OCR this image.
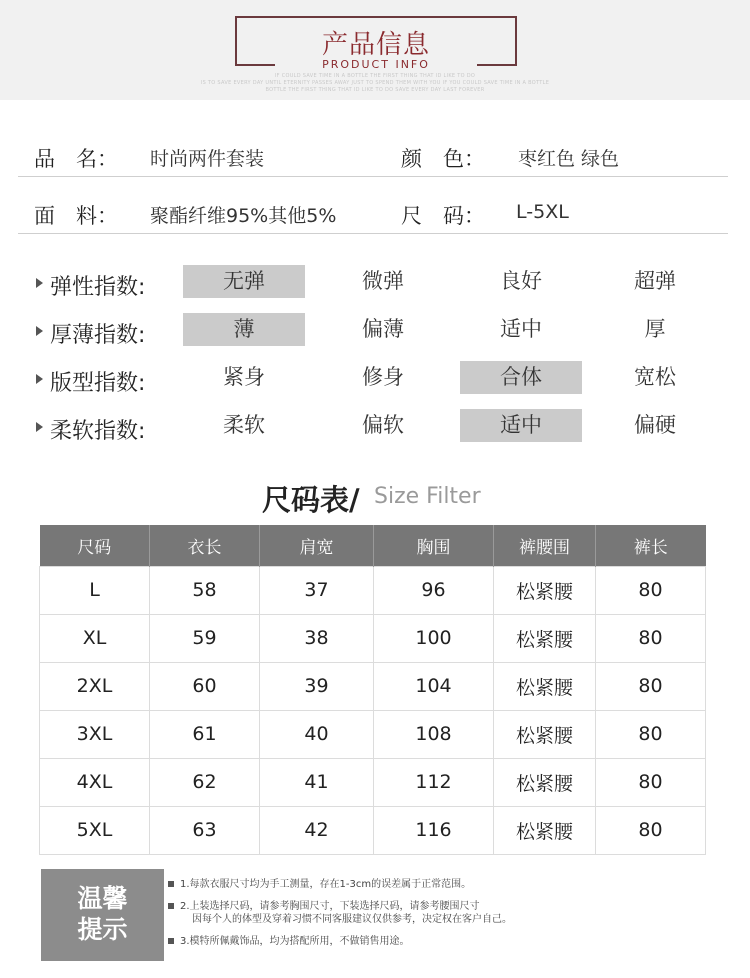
产品信息
PRODUCT INFO
IF COULD SAVE TIME IN A BOTTLE THE FIRST THING THAT ID LIKE TO DO
IS TO SAVE EVERY DAY UNTIL ETERNITY PASSES AWAY JUST TO SPEND THEM WITH YOU IF YOU COULD SAVE TIME IN A BOTTLE
BOTTLE THE FIRST THING THAT ID LIKE TO DO SAVE EVERY DAY LAST FOREVER
品　名： 时尚两件套装	颜　色： 枣红色 绿色
面　料： 聚酯纤维95%其他5%	尺　码： L-5XL
弹性指数:	无弹	微弹	良好	超弹
厚薄指数:	薄	偏薄	适中	厚
版型指数:	紧身	修身	合体	宽松
柔软指数:	柔软	偏软	适中	偏硬
尺码表/ Size Filter
尺码	衣长	肩宽	胸围	裤腰围	裤长
L	58	37	96	松紧腰	80
XL	59	38	100	松紧腰	80
2XL	60	39	104	松紧腰	80
3XL	61	40	108	松紧腰	80
4XL	62	41	112	松紧腰	80
5XL	63	42	116	松紧腰	80
温馨
提示
1.每款衣服尺寸均为手工测量，存在1-3cm的误差属于正常范围。
2.上装选择尺码，请参考胸围尺寸，下装选择尺码，请参考腰围尺寸
因每个人的体型及穿着习惯不同客服建议仅供参考，决定权在客户自己。
3.模特所佩戴饰品，均为搭配所用，不做销售用途。
